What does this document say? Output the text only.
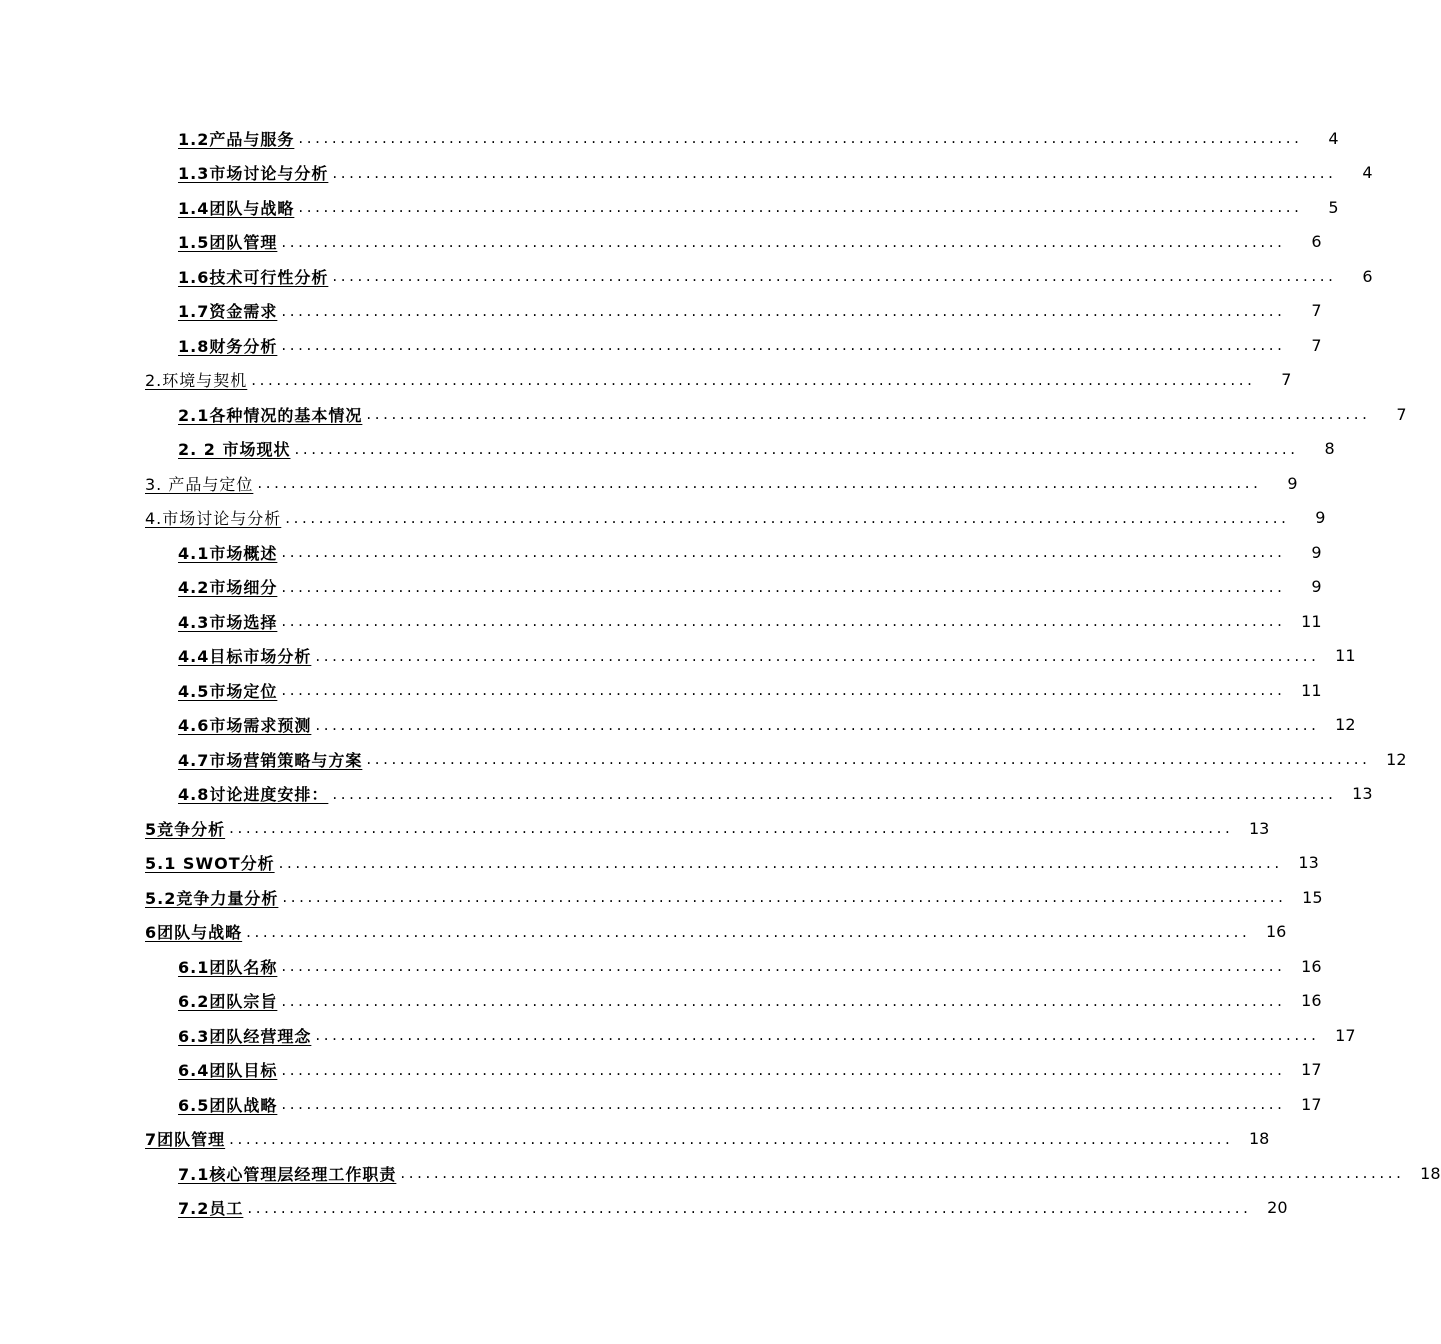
1.2产品与服务 ........................................................................................................................	4
1.3市场讨论与分析 ........................................................................................................................	4
1.4团队与战略 ........................................................................................................................	5
1.5团队管理 ........................................................................................................................	6
1.6技术可行性分析 ........................................................................................................................	6
1.7资金需求 ........................................................................................................................	7
1.8财务分析 ........................................................................................................................	7
2.环境与契机 ........................................................................................................................	7
2.1各种情况的基本情况 ........................................................................................................................	7
2. 2 市场现状 ........................................................................................................................	8
3. 产品与定位 ........................................................................................................................	9
4.市场讨论与分析 ........................................................................................................................	9
4.1市场概述 ........................................................................................................................	9
4.2市场细分 ........................................................................................................................	9
4.3市场选择 ........................................................................................................................ 11
4.4目标市场分析 ........................................................................................................................ 11
4.5市场定位 ........................................................................................................................ 11
4.6市场需求预测 ........................................................................................................................ 12
4.7市场营销策略与方案 ........................................................................................................................ 12
4.8讨论进度安排： ........................................................................................................................ 13
5竞争分析 ........................................................................................................................ 13
5.1 SWOT分析 ........................................................................................................................ 13
5.2竞争力量分析 ........................................................................................................................ 15
6团队与战略 ........................................................................................................................ 16
6.1团队名称 ........................................................................................................................ 16
6.2团队宗旨 ........................................................................................................................ 16
6.3团队经营理念 ........................................................................................................................ 17
6.4团队目标 ........................................................................................................................ 17
6.5团队战略 ........................................................................................................................ 17
7团队管理 ........................................................................................................................ 18
7.1核心管理层经理工作职责 ........................................................................................................................ 18
7.2员工 ........................................................................................................................ 20
